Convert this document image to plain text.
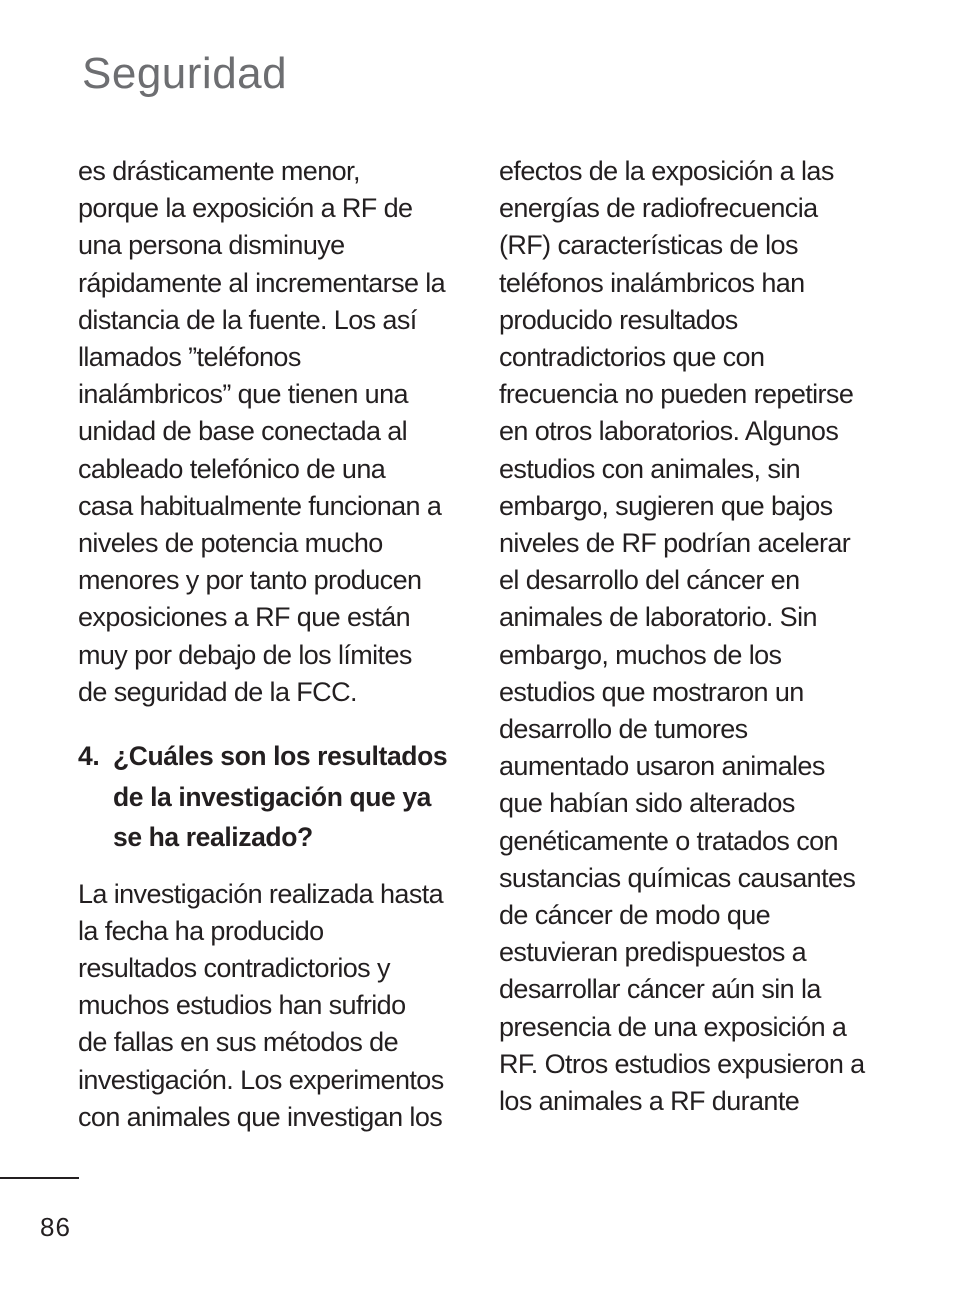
Seguridad

es drásticamente menor,
porque la exposición a RF de
una persona disminuye
rápidamente al incrementarse la
distancia de la fuente. Los así
llamados ”teléfonos
inalámbricos” que tienen una
unidad de base conectada al
cableado telefónico de una
casa habitualmente funcionan a
niveles de potencia mucho
menores y por tanto producen
exposiciones a RF que están
muy por debajo de los límites
de seguridad de la FCC.

4. ¿Cuáles son los resultados
de la investigación que ya
se ha realizado?

La investigación realizada hasta
la fecha ha producido
resultados contradictorios y
muchos estudios han sufrido
de fallas en sus métodos de
investigación. Los experimentos
con animales que investigan los

efectos de la exposición a las
energías de radiofrecuencia
(RF) características de los
teléfonos inalámbricos han
producido resultados
contradictorios que con
frecuencia no pueden repetirse
en otros laboratorios. Algunos
estudios con animales, sin
embargo, sugieren que bajos
niveles de RF podrían acelerar
el desarrollo del cáncer en
animales de laboratorio. Sin
embargo, muchos de los
estudios que mostraron un
desarrollo de tumores
aumentado usaron animales
que habían sido alterados
genéticamente o tratados con
sustancias químicas causantes
de cáncer de modo que
estuvieran predispuestos a
desarrollar cáncer aún sin la
presencia de una exposición a
RF. Otros estudios expusieron a
los animales a RF durante

86
